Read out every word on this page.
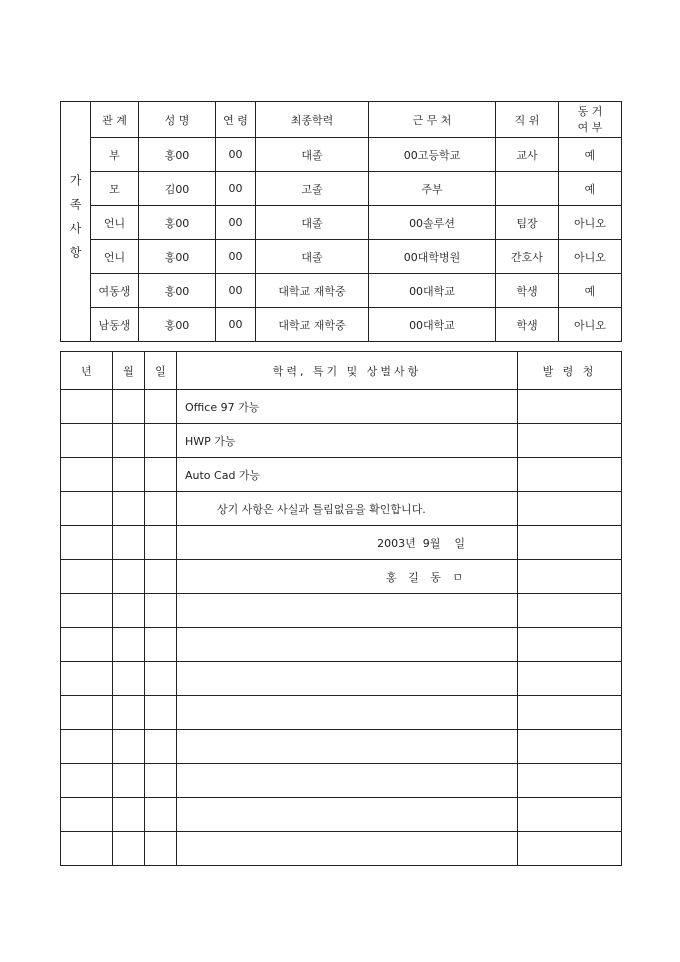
가족사항	관 계	성 명	연 령	최종학력	근 무 처	직 위	동 거
여 부
	부	홍00	00	대졸	00고등학교	교사	예
	모	김00	00	고졸	주부		예
	언니	홍00	00	대졸	00솔루션	팀장	아니오
	언니	홍00	00	대졸	00대학병원	간호사	아니오
	여동생	홍00	00	대학교 재학중	00대학교	학생	예
	남동생	홍00	00	대학교 재학중	00대학교	학생	아니오
년	월	일	학력, 특기 및 상벌사항	발 령 청
			Office 97 가능	
			HWP 가능	
			Auto Cad 가능	
			상기 사항은 사실과 틀림없음을 확인합니다.	
			2003년  9월    일	
			홍 길 동 ㅁ	
